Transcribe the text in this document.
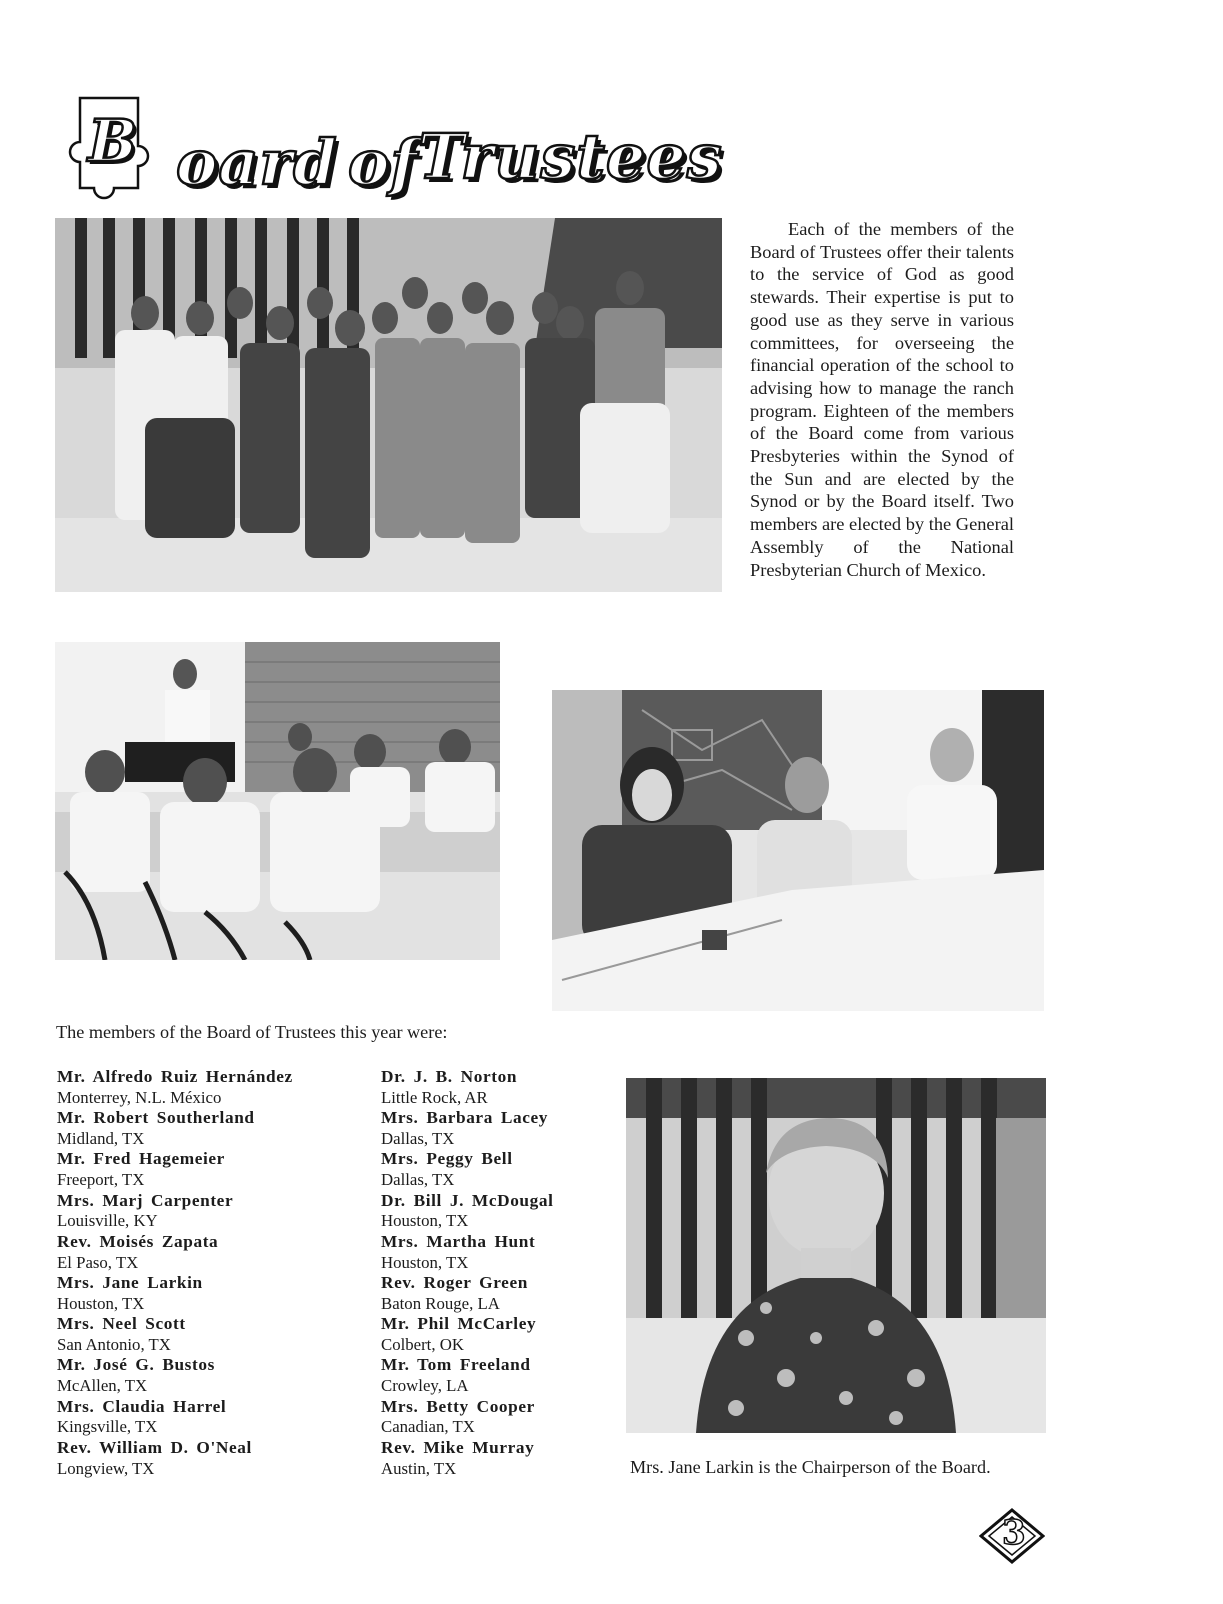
B oard of Trustees

Each of the members of the Board of Trustees offer their talents to the service of God as good stewards. Their expertise is put to good use as they serve in various committees, for overseeing the financial operation of the school to advising how to manage the ranch program. Eighteen of the members of the Board come from various Presbyteries within the Synod of the Sun and are elected by the Synod or by the Board itself. Two members are elected by the General Assembly of the National Presbyterian Church of Mexico.

The members of the Board of Trustees this year were:

Mr. Alfredo Ruiz Hernández
Monterrey, N.L. México
Mr. Robert Southerland
Midland, TX
Mr. Fred Hagemeier
Freeport, TX
Mrs. Marj Carpenter
Louisville, KY
Rev. Moisés Zapata
El Paso, TX
Mrs. Jane Larkin
Houston, TX
Mrs. Neel Scott
San Antonio, TX
Mr. José G. Bustos
McAllen, TX
Mrs. Claudia Harrel
Kingsville, TX
Rev. William D. O'Neal
Longview, TX
Dr. J. B. Norton
Little Rock, AR
Mrs. Barbara Lacey
Dallas, TX
Mrs. Peggy Bell
Dallas, TX
Dr. Bill J. McDougal
Houston, TX
Mrs. Martha Hunt
Houston, TX
Rev. Roger Green
Baton Rouge, LA
Mr. Phil McCarley
Colbert, OK
Mr. Tom Freeland
Crowley, LA
Mrs. Betty Cooper
Canadian, TX
Rev. Mike Murray
Austin, TX	Mrs. Jane Larkin is the Chairperson of the Board.

3
